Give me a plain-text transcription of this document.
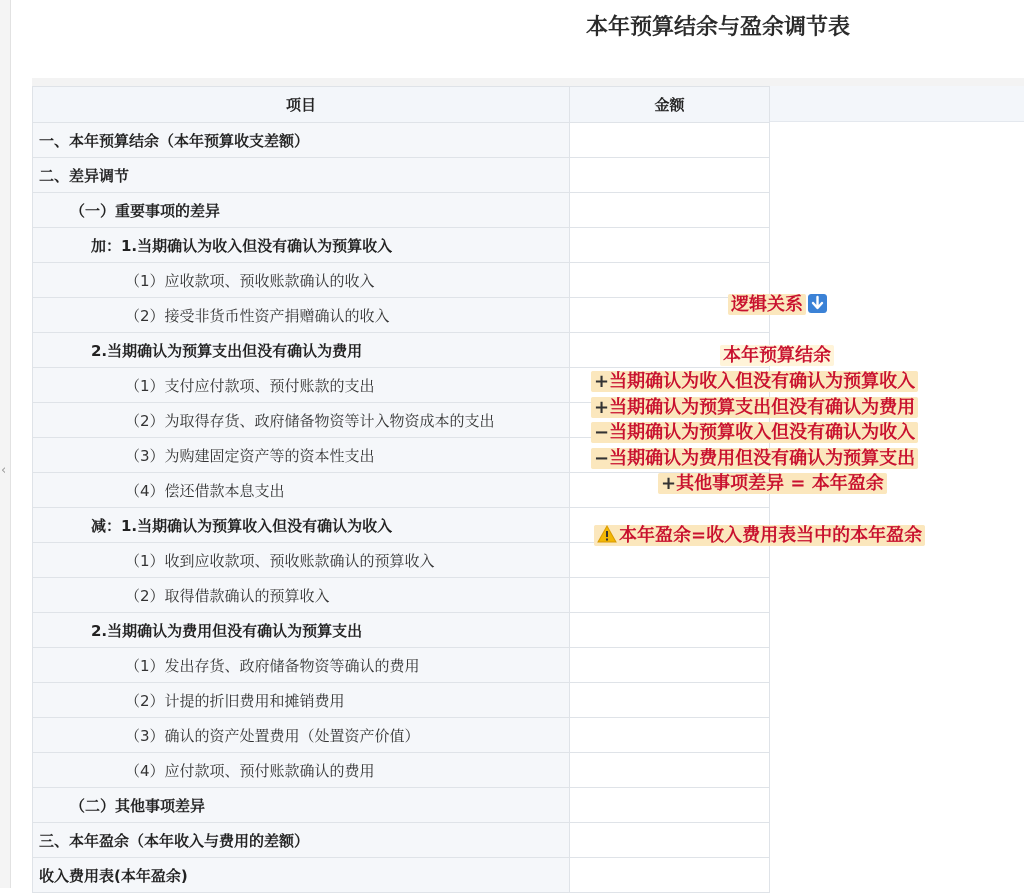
‹
本年预算结余与盈余调节表
项目	金额
一、本年预算结余（本年预算收支差额）	
二、差异调节	
（一）重要事项的差异	
加：1.当期确认为收入但没有确认为预算收入	
（1）应收款项、预收账款确认的收入	
（2）接受非货币性资产捐赠确认的收入	
2.当期确认为预算支出但没有确认为费用	
（1）支付应付款项、预付账款的支出	
（2）为取得存货、政府储备物资等计入物资成本的支出	
（3）为购建固定资产等的资本性支出	
（4）偿还借款本息支出	
减：1.当期确认为预算收入但没有确认为收入	
（1）收到应收款项、预收账款确认的预算收入	
（2）取得借款确认的预算收入	
2.当期确认为费用但没有确认为预算支出	
（1）发出存货、政府储备物资等确认的费用	
（2）计提的折旧费用和摊销费用	
（3）确认的资产处置费用（处置资产价值）	
（4）应付款项、预付账款确认的费用	
（二）其他事项差异	
三、本年盈余（本年收入与费用的差额）	
收入费用表(本年盈余)	
逻辑关系
本年预算结余
+当期确认为收入但没有确认为预算收入
+当期确认为预算支出但没有确认为费用
−当期确认为预算收入但没有确认为收入
−当期确认为费用但没有确认为预算支出
+其他事项差异 = 本年盈余
本年盈余=收入费用表当中的本年盈余
